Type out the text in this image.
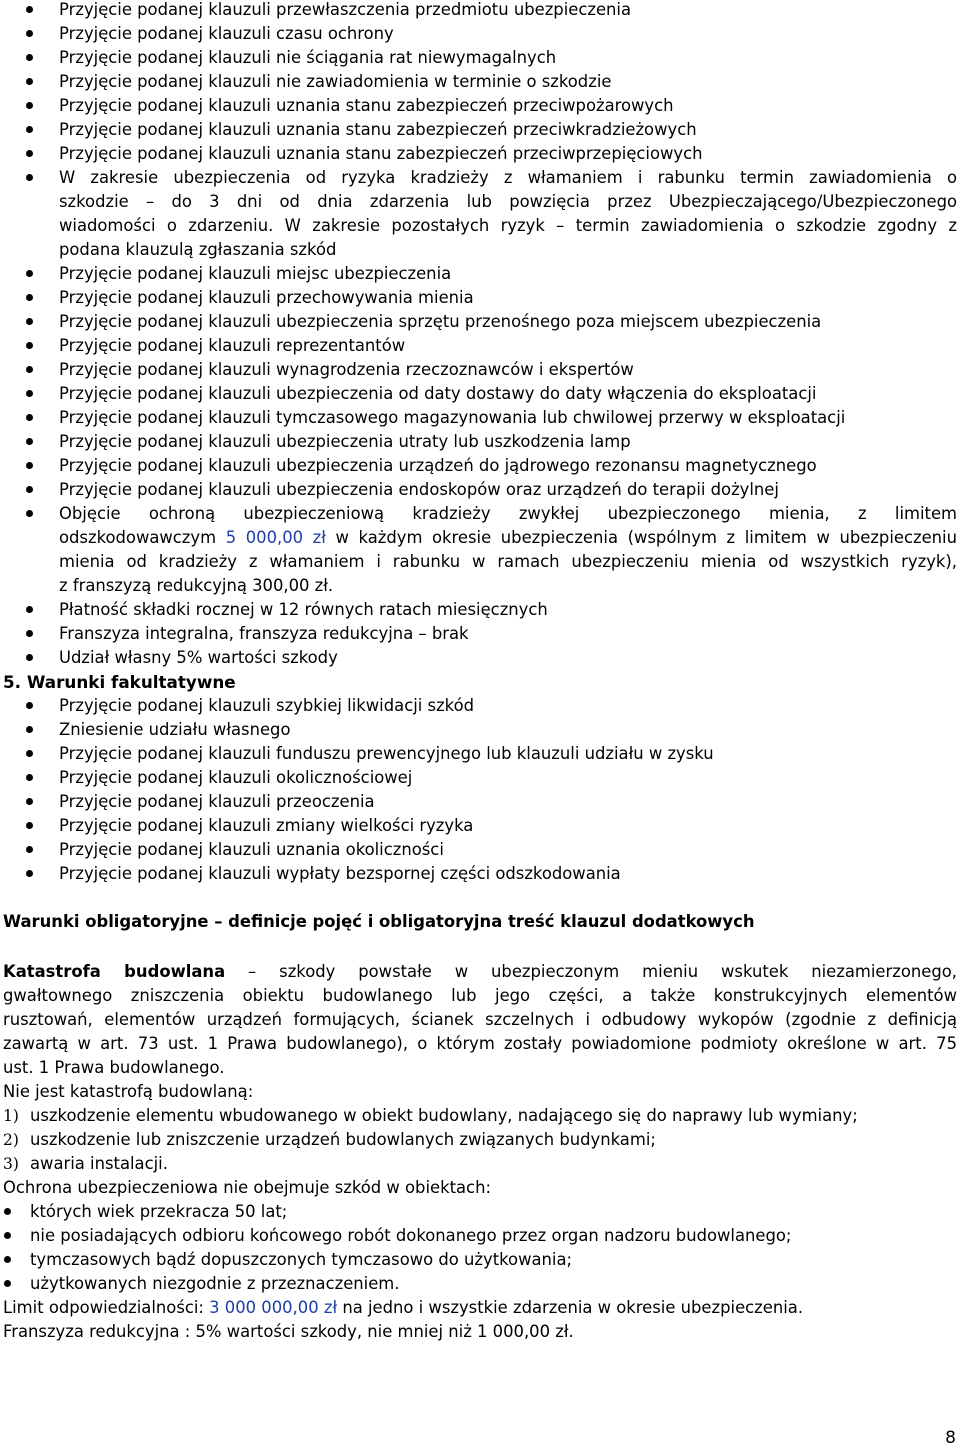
Przyjęcie podanej klauzuli przewłaszczenia przedmiotu ubezpieczenia
Przyjęcie podanej klauzuli czasu ochrony
Przyjęcie podanej klauzuli nie ściągania rat niewymagalnych
Przyjęcie podanej klauzuli nie zawiadomienia w terminie o szkodzie
Przyjęcie podanej klauzuli uznania stanu zabezpieczeń przeciwpożarowych
Przyjęcie podanej klauzuli uznania stanu zabezpieczeń przeciwkradzieżowych
Przyjęcie podanej klauzuli uznania stanu zabezpieczeń przeciwprzepięciowych
W zakresie ubezpieczenia od ryzyka kradzieży z włamaniem i rabunku termin zawiadomienia o
szkodzie – do 3 dni od dnia zdarzenia lub powzięcia przez Ubezpieczającego/Ubezpieczonego
wiadomości o zdarzeniu. W zakresie pozostałych ryzyk – termin zawiadomienia o szkodzie zgodny z
podana klauzulą zgłaszania szkód
Przyjęcie podanej klauzuli miejsc ubezpieczenia
Przyjęcie podanej klauzuli przechowywania mienia
Przyjęcie podanej klauzuli ubezpieczenia sprzętu przenośnego poza miejscem ubezpieczenia
Przyjęcie podanej klauzuli reprezentantów
Przyjęcie podanej klauzuli wynagrodzenia rzeczoznawców i ekspertów
Przyjęcie podanej klauzuli ubezpieczenia od daty dostawy do daty włączenia do eksploatacji
Przyjęcie podanej klauzuli tymczasowego magazynowania lub chwilowej przerwy w eksploatacji
Przyjęcie podanej klauzuli ubezpieczenia utraty lub uszkodzenia lamp
Przyjęcie podanej klauzuli ubezpieczenia urządzeń do jądrowego rezonansu magnetycznego
Przyjęcie podanej klauzuli ubezpieczenia endoskopów oraz urządzeń do terapii dożylnej
Objęcie ochroną ubezpieczeniową kradzieży zwykłej ubezpieczonego mienia, z limitem
odszkodowawczym 5 000,00 zł w każdym okresie ubezpieczenia (wspólnym z limitem w ubezpieczeniu
mienia od kradzieży z włamaniem i rabunku w ramach ubezpieczeniu mienia od wszystkich ryzyk),
z franszyzą redukcyjną 300,00 zł.
Płatność składki rocznej w 12 równych ratach miesięcznych
Franszyza integralna, franszyza redukcyjna – brak
Udział własny 5% wartości szkody
5. Warunki fakultatywne
Przyjęcie podanej klauzuli szybkiej likwidacji szkód
Zniesienie udziału własnego
Przyjęcie podanej klauzuli funduszu prewencyjnego lub klauzuli udziału w zysku
Przyjęcie podanej klauzuli okolicznościowej
Przyjęcie podanej klauzuli przeoczenia
Przyjęcie podanej klauzuli zmiany wielkości ryzyka
Przyjęcie podanej klauzuli uznania okoliczności
Przyjęcie podanej klauzuli wypłaty bezspornej części odszkodowania
Warunki obligatoryjne – definicje pojęć i obligatoryjna treść klauzul dodatkowych
Katastrofa budowlana – szkody powstałe w ubezpieczonym mieniu wskutek niezamierzonego,
gwałtownego zniszczenia obiektu budowlanego lub jego części, a także konstrukcyjnych elementów
rusztowań, elementów urządzeń formujących, ścianek szczelnych i odbudowy wykopów (zgodnie z definicją
zawartą w art. 73 ust. 1 Prawa budowlanego), o którym zostały powiadomione podmioty określone w art. 75
ust. 1 Prawa budowlanego.
Nie jest katastrofą budowlaną:
1) uszkodzenie elementu wbudowanego w obiekt budowlany, nadającego się do naprawy lub wymiany;
2) uszkodzenie lub zniszczenie urządzeń budowlanych związanych budynkami;
3) awaria instalacji.
Ochrona ubezpieczeniowa nie obejmuje szkód w obiektach:
których wiek przekracza 50 lat;
nie posiadających odbioru końcowego robót dokonanego przez organ nadzoru budowlanego;
tymczasowych bądź dopuszczonych tymczasowo do użytkowania;
użytkowanych niezgodnie z przeznaczeniem.
Limit odpowiedzialności: 3 000 000,00 zł na jedno i wszystkie zdarzenia w okresie ubezpieczenia.
Franszyza redukcyjna : 5% wartości szkody, nie mniej niż 1 000,00 zł.
8
